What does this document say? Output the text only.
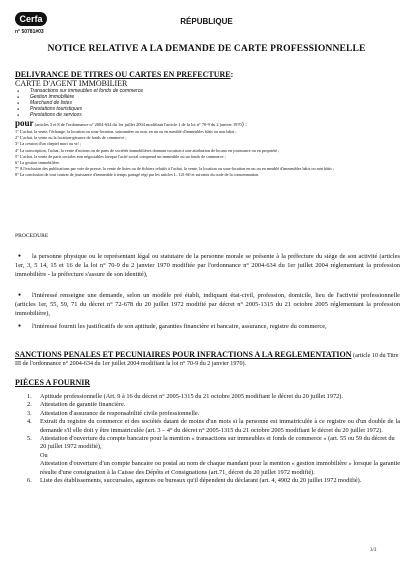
Cerfa
n° 50781#03
RÉPUBLIQUE
NOTICE RELATIVE A LA DEMANDE DE CARTE PROFESSIONNELLE
DELIVRANCE DE TITRES OU CARTES EN PREFECTURE:
CARTE D'AGENT IMMOBILIER
● Transactions sur immeubles et fonds de commerce
● Gestion immobilière
● Marchand de listes
● Prestations touristiques
● Prestations de services
pour (articles 3 et 8 de l'ordonnance n° 2004-634 du 1er juillet 2004 modifiant l'article 1 de la loi n° 70-9 du 2 janvier 1970) :
1° L'achat, la vente, l'échange, la location ou sous-location, saisonnière ou non, en nu ou en meublé d'immeubles bâtis ou non bâtis ;
2° L'achat, la vente ou la location-gérance de fonds de commerce ;
3° La cession d'un cheptel mort ou vif ;
4° La souscription, l'achat, la vente d'actions ou de parts de sociétés immobilières donnant vocation à une attribution de locaux en jouissance ou en propriété ;
5° L'achat, la vente de parts sociales non négociables lorsque l'actif social comprend un immeuble ou un fonds de commerce ;
6° La gestion immobilière.
7° A l'exclusion des publications par voie de presse, la vente de listes ou de fichiers relatifs à l'achat, la vente, la location ou sous-location en nu ou en meublé d'immeubles bâtis ou non bâtis ;
8° La conclusion de tout contrat de jouissance d'immeuble à temps partagé régi par les articles L. 121-60 et suivants du code de la consommation.
PROCEDURE
● la personne physique ou le représentant légal ou statutaire de la personne morale se présente à la préfecture du siège de son activité (articles 1er, 3, 5 14, 15 et 16 de la loi n° 70-9 du 2 janvier 1970 modifiée par l'ordonnance n° 2004-634 du 1er juillet 2004 réglementant la profession immobilière - la préfecture s'assure de son identité),
● l'intéressé renseigne une demande, selon un modèle pré établi, indiquant état-civil, profession, domicile, lieu de l'activité professionnelle (articles 1er, 55, 59, 71 du décret n° 72-678 du 20 juillet 1972 modifié par décret n° 2005-1315 du 21 octobre 2005 réglementant la profession immobilière),
● l'intéressé fournit les justificatifs de son aptitude, garanties financière et bancaire, assurance, registre du commerce,
SANCTIONS PENALES ET PECUNIAIRES POUR INFRACTIONS A LA REGLEMENTATION (article 10 du Titre III de l'ordonnance n° 2004-634 du 1er juillet 2004 modifiant la loi n° 70-9 du 2 janvier 1970).
PIÈCES A FOURNIR
1. Aptitude professionnelle (Art. 9 à 16 du décret n° 2005-1315 du 21 octobre 2005 modifiant le décret du 20 juillet 1972).
2. Attestation de garantie financière.
3. Attestation d'assurance de responsabilité civile professionnelle.
4. Extrait du registre du commerce et des sociétés datant de moins d'un mois si la personne est immatriculée à ce registre ou d'un double de la demande s'il elle doit y être immatriculée (art. 3 – 4° du décret n° 2005-1315 du 21 octobre 2005 modifiant le décret du 20 juillet 1972).
5. Attestation d'ouverture du compte bancaire pour la mention « transactions sur immeubles et fonds de commerce » (art. 55 ou 59 du décret du 20 juillet 1972 modifié),
Ou
Attestation d'ouverture d'un compte bancaire ou postal au nom de chaque mandant pour la mention « gestion immobilière » lorsque la garantie résulte d'une consignation à la Caisse des Dépôts et Consignations (art.71, décret du 20 juillet 1972 modifié).
6. Liste des établissements, succursales, agences ou bureaux qu'il dépendent du déclarant (art. 4, 4902 du 20 juillet 1972 modifié).
3/3
